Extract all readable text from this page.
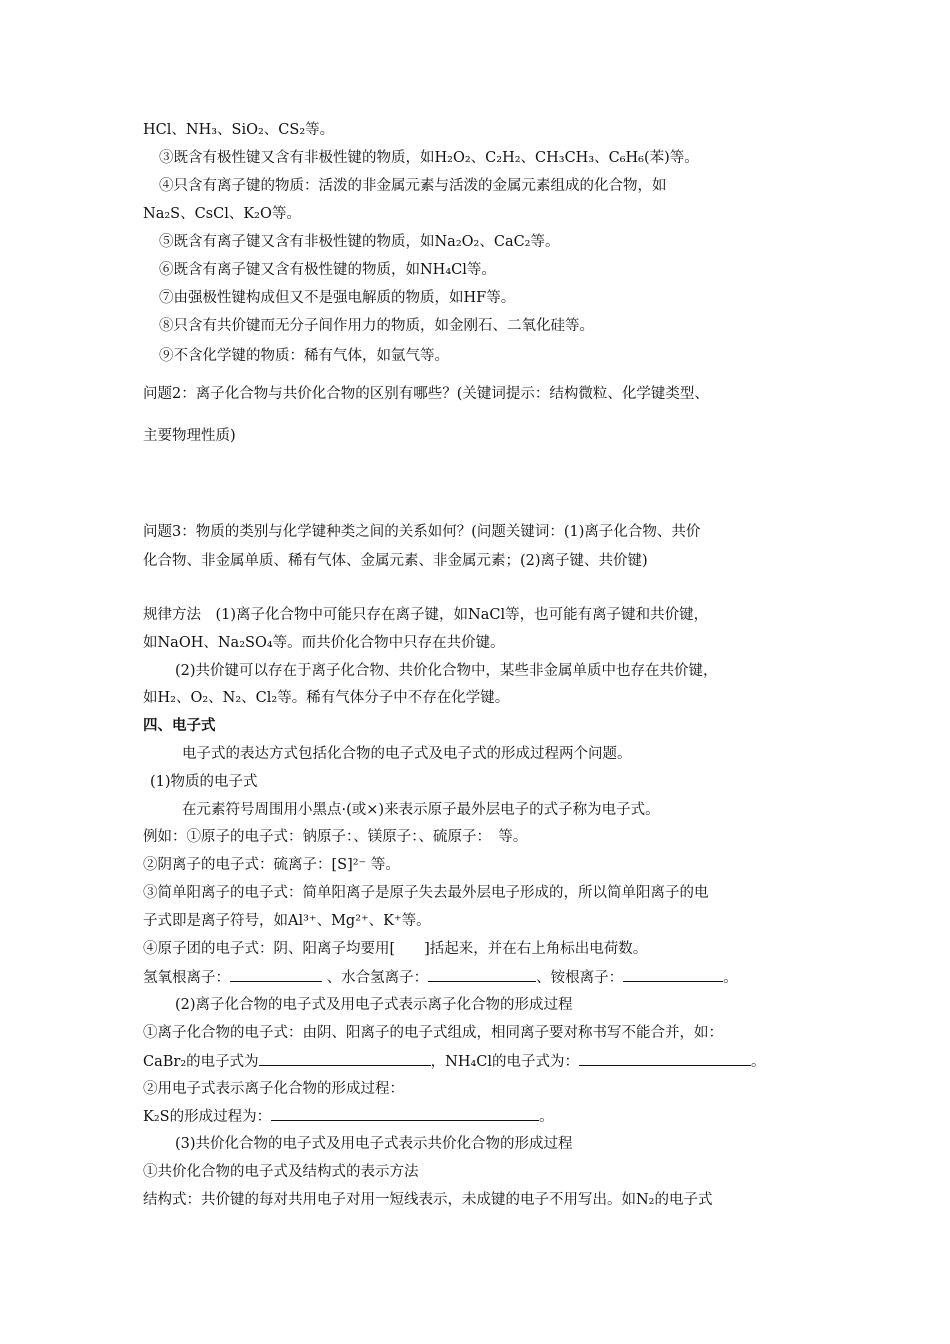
HCl、NH₃、SiO₂、CS₂等。
③既含有极性键又含有非极性键的物质，如H₂O₂、C₂H₂、CH₃CH₃、C₆H₆(苯)等。
④只含有离子键的物质：活泼的非金属元素与活泼的金属元素组成的化合物，如
Na₂S、CsCl、K₂O等。
⑤既含有离子键又含有非极性键的物质，如Na₂O₂、CaC₂等。
⑥既含有离子键又含有极性键的物质，如NH₄Cl等。
⑦由强极性键构成但又不是强电解质的物质，如HF等。
⑧只含有共价键而无分子间作用力的物质，如金刚石、二氧化硅等。
⑨不含化学键的物质：稀有气体，如氩气等。
问题2：离子化合物与共价化合物的区别有哪些？(关键词提示：结构微粒、化学键类型、
主要物理性质)
问题3：物质的类别与化学键种类之间的关系如何？(问题关键词：(1)离子化合物、共价
化合物、非金属单质、稀有气体、金属元素、非金属元素；(2)离子键、共价键)
规律方法　(1)离子化合物中可能只存在离子键，如NaCl等，也可能有离子键和共价键，
如NaOH、Na₂SO₄等。而共价化合物中只存在共价键。
(2)共价键可以存在于离子化合物、共价化合物中，某些非金属单质中也存在共价键，
如H₂、O₂、N₂、Cl₂等。稀有气体分子中不存在化学键。
四、电子式
电子式的表达方式包括化合物的电子式及电子式的形成过程两个问题。
(1)物质的电子式
在元素符号周围用小黑点·(或×)来表示原子最外层电子的式子称为电子式。
例如：①原子的电子式：钠原子：、镁原子：、硫原子：　等。
②阴离子的电子式：硫离子：[S]²⁻ 等。
③简单阳离子的电子式：简单阳离子是原子失去最外层电子形成的，所以简单阳离子的电
子式即是离子符号，如Al³⁺、Mg²⁺、K⁺等。
④原子团的电子式：阴、阳离子均要用[　　]括起来，并在右上角标出电荷数。
氢氧根离子：	、水合氢离子：	、铵根离子：	。
(2)离子化合物的电子式及用电子式表示离子化合物的形成过程
①离子化合物的电子式：由阴、阳离子的电子式组成，相同离子要对称书写不能合并，如：
CaBr₂的电子式为	，NH₄Cl的电子式为：	。
②用电子式表示离子化合物的形成过程：
K₂S的形成过程为：	。
(3)共价化合物的电子式及用电子式表示共价化合物的形成过程
①共价化合物的电子式及结构式的表示方法
结构式：共价键的每对共用电子对用一短线表示，未成键的电子不用写出。如N₂的电子式
